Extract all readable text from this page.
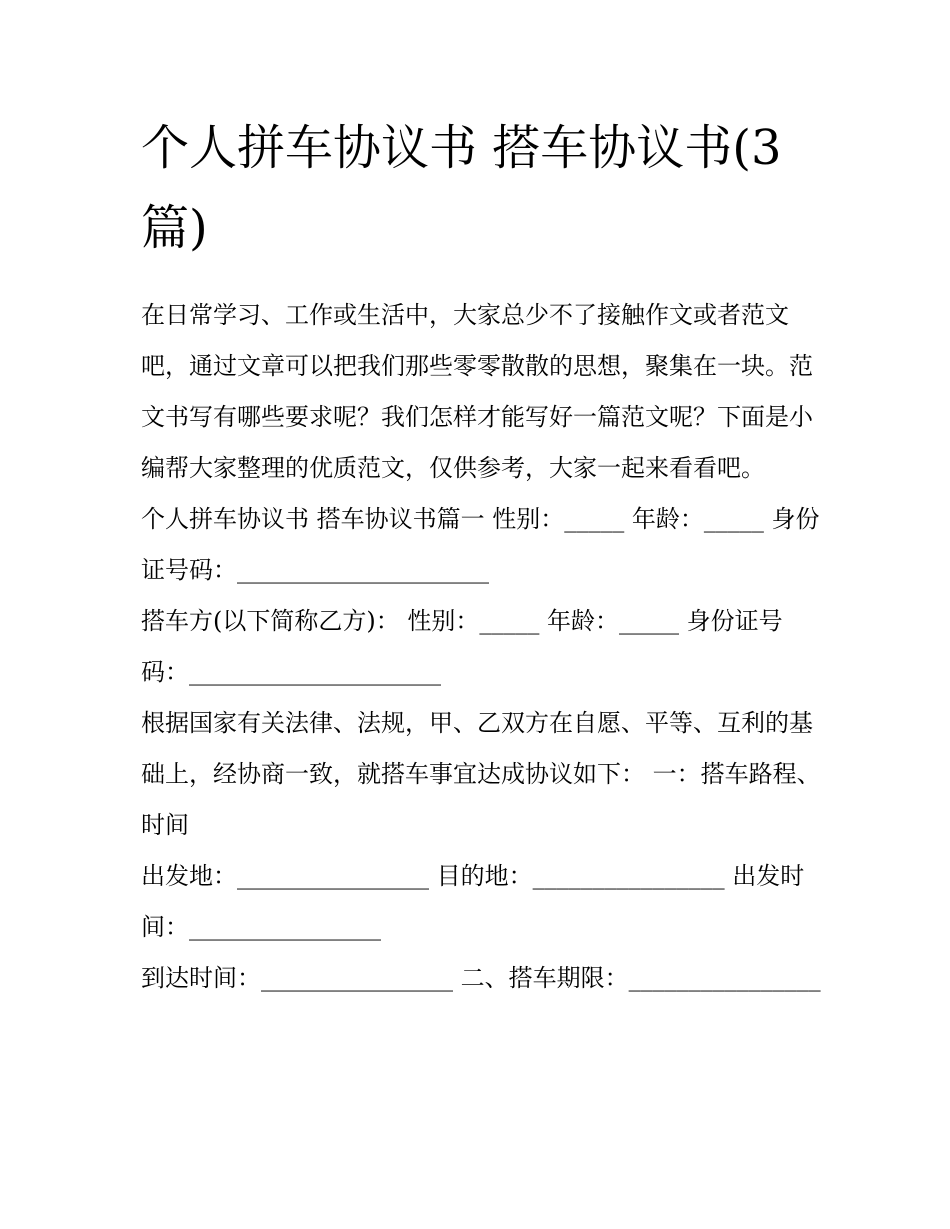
个人拼车协议书 搭车协议书(3篇)

在日常学习、工作或生活中，大家总少不了接触作文或者范文吧，通过文章可以把我们那些零零散散的思想，聚集在一块。范文书写有哪些要求呢？我们怎样才能写好一篇范文呢？下面是小编帮大家整理的优质范文，仅供参考，大家一起来看看吧。

个人拼车协议书 搭车协议书篇一 性别：_____ 年龄：_____ 身份证号码：_____________________

搭车方(以下简称乙方)： 性别：_____ 年龄：_____ 身份证号码：_____________________

根据国家有关法律、法规，甲、乙双方在自愿、平等、互利的基础上，经协商一致，就搭车事宜达成协议如下： 一：搭车路程、时间

出发地：________________ 目的地：________________ 出发时间：________________

到达时间：________________ 二、搭车期限：________________
